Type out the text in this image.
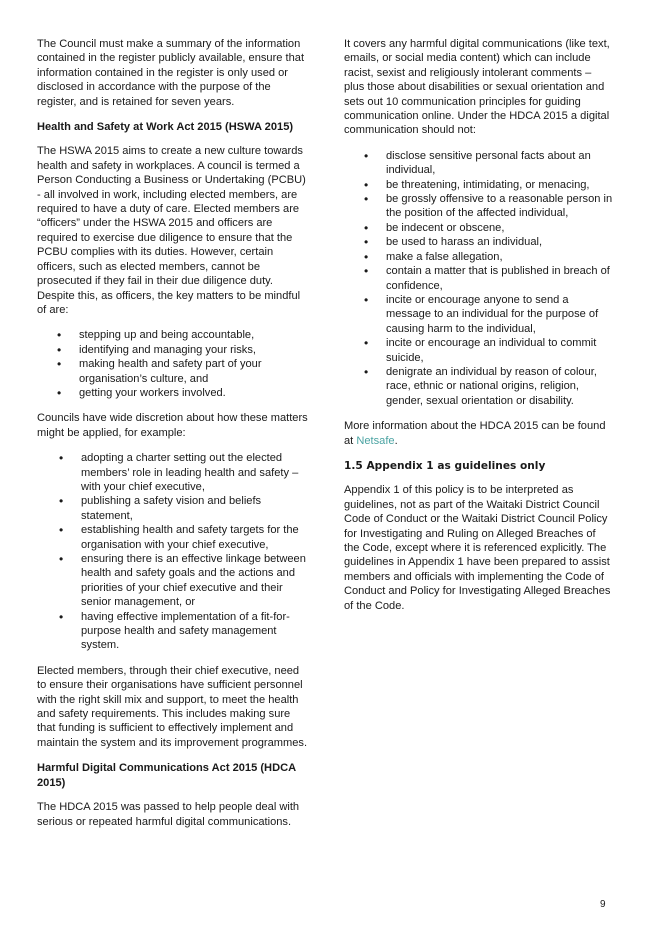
The Council must make a summary of the information contained in the register publicly available, ensure that information contained in the register is only used or disclosed in accordance with the purpose of the register, and is retained for seven years.

Health and Safety at Work Act 2015 (HSWA 2015)

The HSWA 2015 aims to create a new culture towards health and safety in workplaces. A council is termed a Person Conducting a Business or Undertaking (PCBU) - all involved in work, including elected members, are required to have a duty of care. Elected members are “officers” under the HSWA 2015 and officers are required to exercise due diligence to ensure that the PCBU complies with its duties. However, certain officers, such as elected members, cannot be prosecuted if they fail in their due diligence duty. Despite this, as officers, the key matters to be mindful of are:

• stepping up and being accountable,
• identifying and managing your risks,
• making health and safety part of your organisation’s culture, and
• getting your workers involved.

Councils have wide discretion about how these matters might be applied, for example:

• adopting a charter setting out the elected members’ role in leading health and safety – with your chief executive,
• publishing a safety vision and beliefs statement,
• establishing health and safety targets for the organisation with your chief executive,
• ensuring there is an effective linkage between health and safety goals and the actions and priorities of your chief executive and their senior management, or
• having effective implementation of a fit-for-purpose health and safety management system.

Elected members, through their chief executive, need to ensure their organisations have sufficient personnel with the right skill mix and support, to meet the health and safety requirements. This includes making sure that funding is sufficient to effectively implement and maintain the system and its improvement programmes.

Harmful Digital Communications Act 2015 (HDCA 2015)

The HDCA 2015 was passed to help people deal with serious or repeated harmful digital communications.

It covers any harmful digital communications (like text, emails, or social media content) which can include racist, sexist and religiously intolerant comments – plus those about disabilities or sexual orientation and sets out 10 communication principles for guiding communication online. Under the HDCA 2015 a digital communication should not:

• disclose sensitive personal facts about an individual,
• be threatening, intimidating, or menacing,
• be grossly offensive to a reasonable person in the position of the affected individual,
• be indecent or obscene,
• be used to harass an individual,
• make a false allegation,
• contain a matter that is published in breach of confidence,
• incite or encourage anyone to send a message to an individual for the purpose of causing harm to the individual,
• incite or encourage an individual to commit suicide,
• denigrate an individual by reason of colour, race, ethnic or national origins, religion, gender, sexual orientation or disability.

More information about the HDCA 2015 can be found at Netsafe.

1.5 Appendix 1 as guidelines only

Appendix 1 of this policy is to be interpreted as guidelines, not as part of the Waitaki District Council Code of Conduct or the Waitaki District Council Policy for Investigating and Ruling on Alleged Breaches of the Code, except where it is referenced explicitly. The guidelines in Appendix 1 have been prepared to assist members and officials with implementing the Code of Conduct and Policy for Investigating Alleged Breaches of the Code.

9
